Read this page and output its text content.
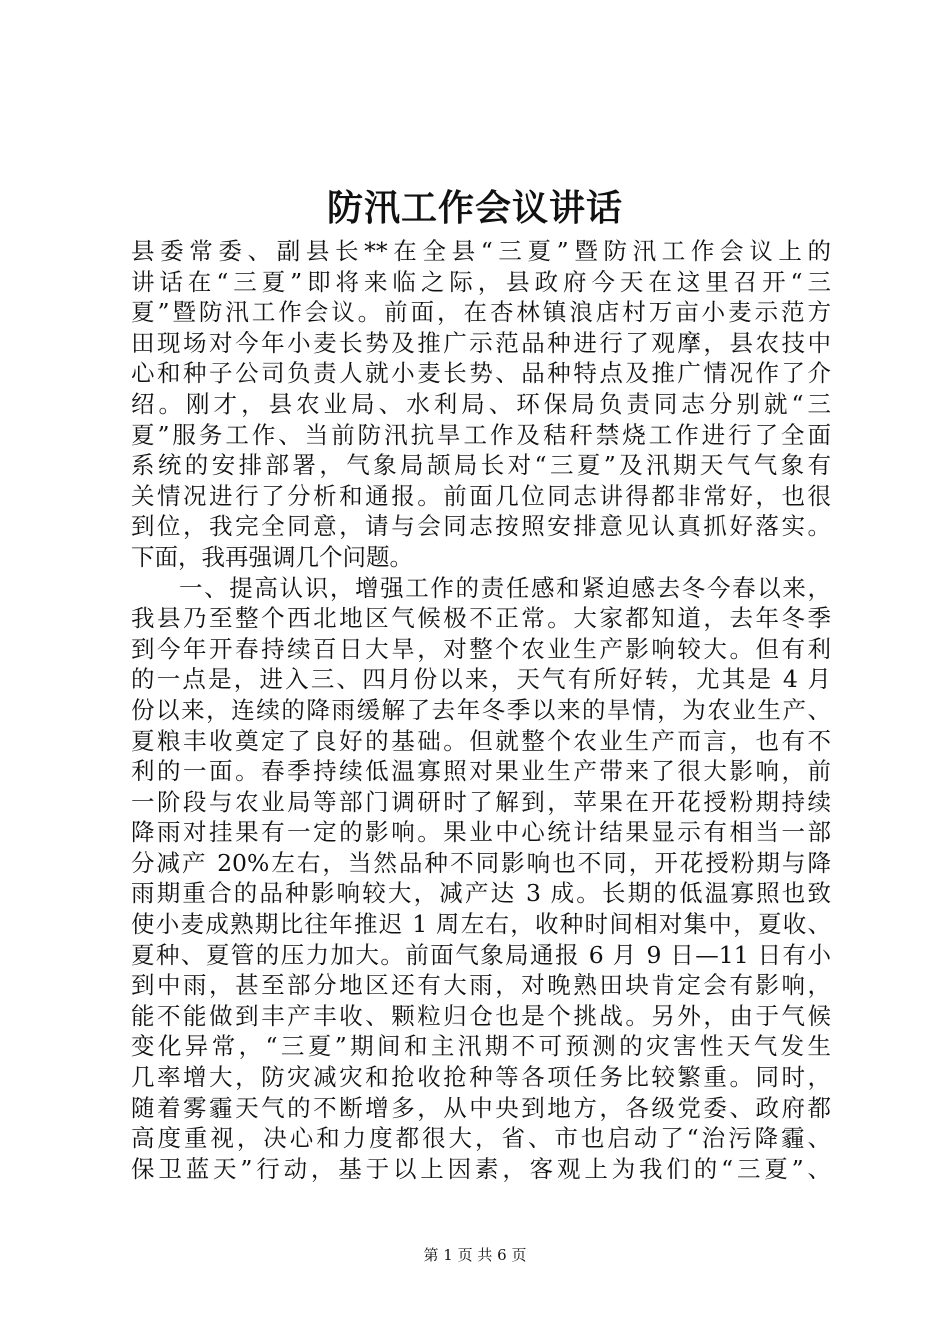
防汛工作会议讲话
县委常委、副县长**在全县“三夏”暨防汛工作会议上的
讲话在“三夏”即将来临之际，县政府今天在这里召开“三
夏”暨防汛工作会议。前面，在杏林镇浪店村万亩小麦示范方
田现场对今年小麦长势及推广示范品种进行了观摩，县农技中
心和种子公司负责人就小麦长势、品种特点及推广情况作了介
绍。刚才，县农业局、水利局、环保局负责同志分别就“三
夏”服务工作、当前防汛抗旱工作及秸秆禁烧工作进行了全面
系统的安排部署，气象局颉局长对“三夏”及汛期天气气象有
关情况进行了分析和通报。前面几位同志讲得都非常好，也很
到位，我完全同意，请与会同志按照安排意见认真抓好落实。
下面，我再强调几个问题。
一、提高认识，增强工作的责任感和紧迫感去冬今春以来，
我县乃至整个西北地区气候极不正常。大家都知道，去年冬季
到今年开春持续百日大旱，对整个农业生产影响较大。但有利
的一点是，进入三、四月份以来，天气有所好转，尤其是 4 月
份以来，连续的降雨缓解了去年冬季以来的旱情，为农业生产、
夏粮丰收奠定了良好的基础。但就整个农业生产而言，也有不
利的一面。春季持续低温寡照对果业生产带来了很大影响，前
一阶段与农业局等部门调研时了解到，苹果在开花授粉期持续
降雨对挂果有一定的影响。果业中心统计结果显示有相当一部
分减产 20%左右，当然品种不同影响也不同，开花授粉期与降
雨期重合的品种影响较大，减产达 3 成。长期的低温寡照也致
使小麦成熟期比往年推迟 1 周左右，收种时间相对集中，夏收、
夏种、夏管的压力加大。前面气象局通报 6 月 9 日—11 日有小
到中雨，甚至部分地区还有大雨，对晚熟田块肯定会有影响，
能不能做到丰产丰收、颗粒归仓也是个挑战。另外，由于气候
变化异常，“三夏”期间和主汛期不可预测的灾害性天气发生
几率增大，防灾减灾和抢收抢种等各项任务比较繁重。同时，
随着雾霾天气的不断增多，从中央到地方，各级党委、政府都
高度重视，决心和力度都很大，省、市也启动了“治污降霾、
保卫蓝天”行动，基于以上因素，客观上为我们的“三夏”、
第 1 页 共 6 页
